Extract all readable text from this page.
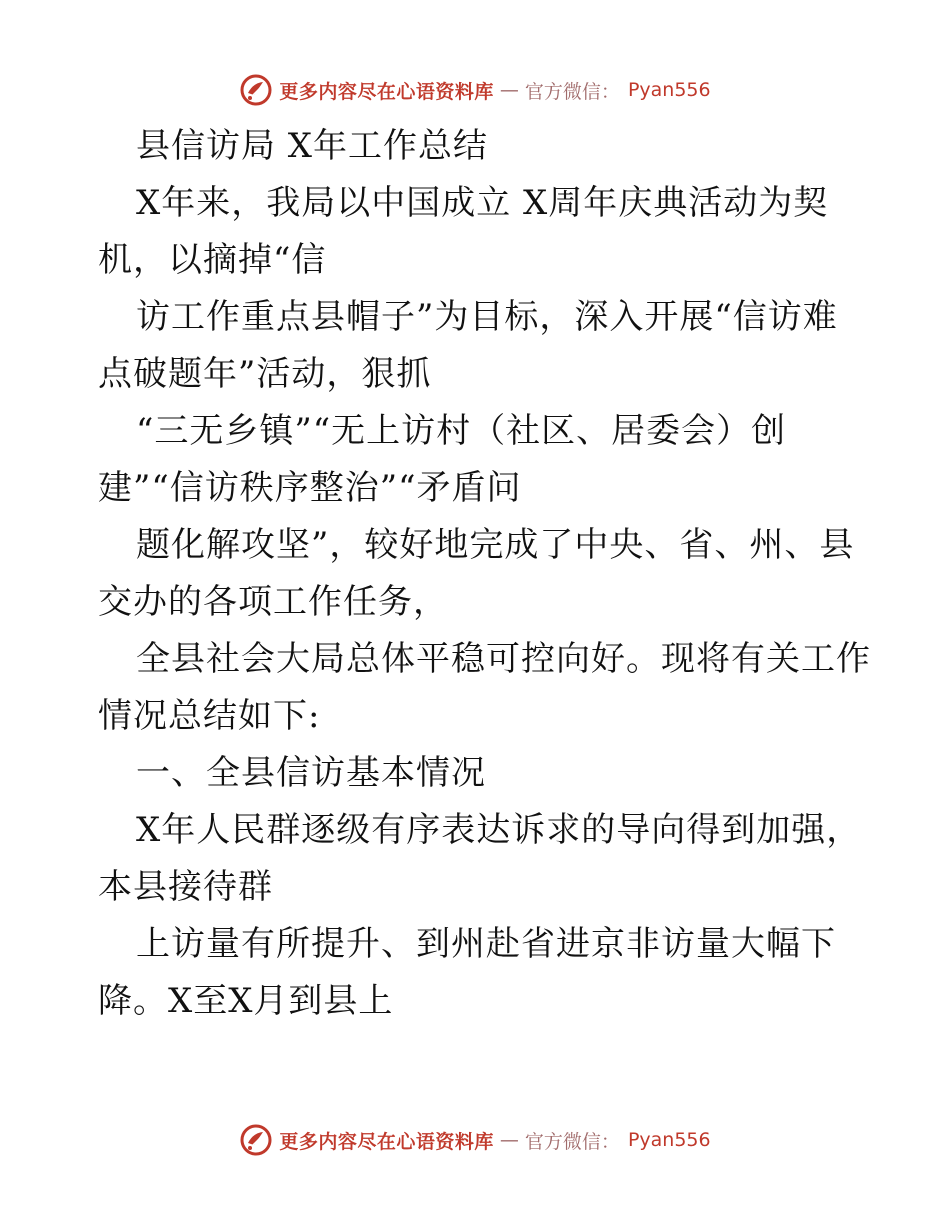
更多内容尽在心语资料库 — 官方微信： Pyan556
县信访局 X年工作总结
X年来，我局以中国成立 X周年庆典活动为契
机，以摘掉“信
访工作重点县帽子”为目标，深入开展“信访难
点破题年”活动，狠抓
“三无乡镇”“无上访村（社区、居委会）创
建”“信访秩序整治”“矛盾问
题化解攻坚”，较好地完成了中央、省、州、县
交办的各项工作任务，
全县社会大局总体平稳可控向好。现将有关工作
情况总结如下:
一、全县信访基本情况
X年人民群逐级有序表达诉求的导向得到加强，
本县接待群
上访量有所提升、到州赴省进京非访量大幅下
降。X至X月到县上
更多内容尽在心语资料库 — 官方微信： Pyan556
